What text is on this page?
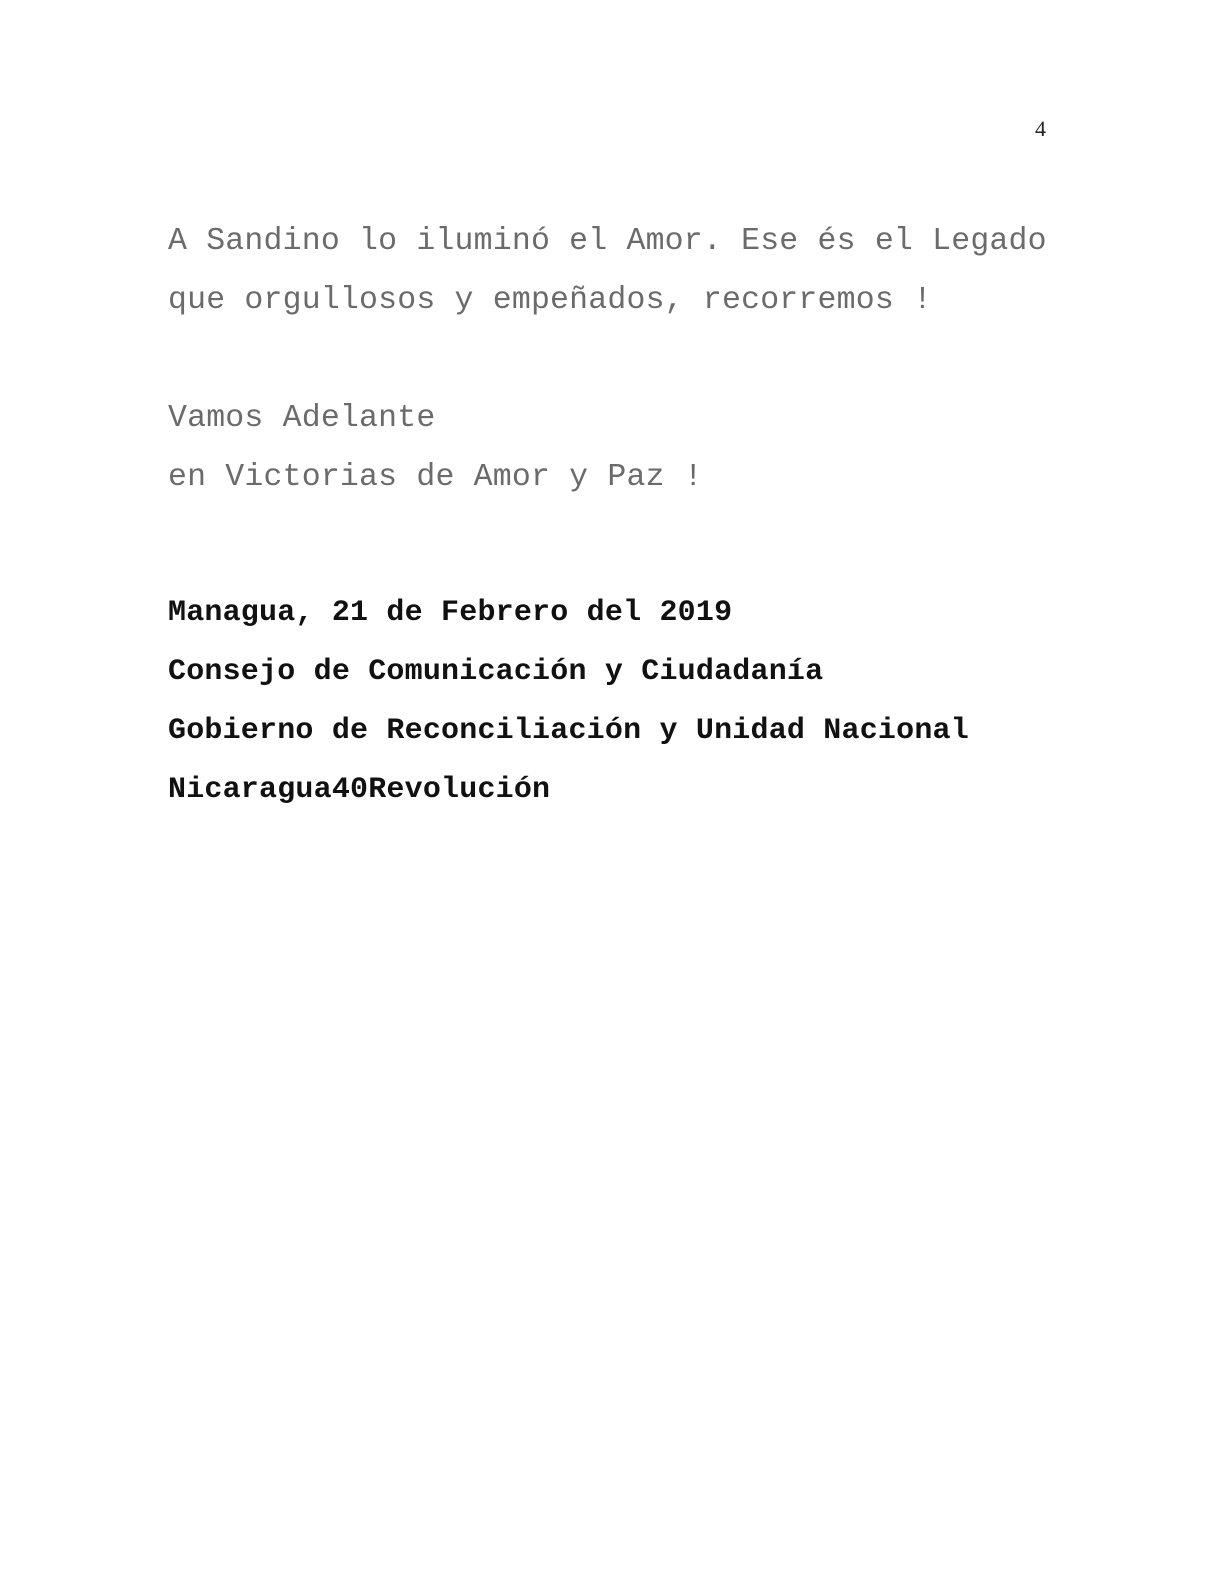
4

A Sandino lo iluminó el Amor. Ese és el Legado

que orgullosos y empeñados, recorremos !

Vamos Adelante

en Victorias de Amor y Paz !

Managua, 21 de Febrero del 2019

Consejo de Comunicación y Ciudadanía

Gobierno de Reconciliación y Unidad Nacional

Nicaragua40Revolución
